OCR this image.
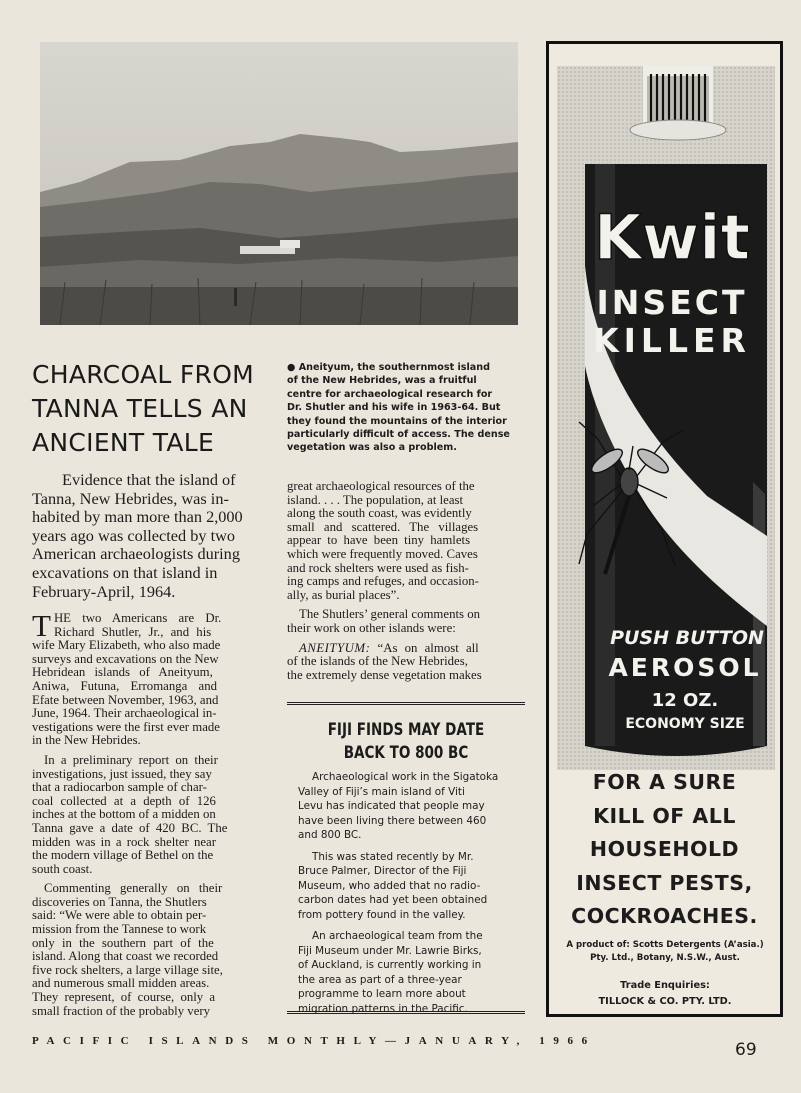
CHARCOAL FROM
TANNA TELLS AN
ANCIENT TALE
● Aneityum, the southernmost island
of the New Hebrides, was a fruitful
centre for archaeological research for
Dr. Shutler and his wife in 1963-64. But
they found the mountains of the interior
particularly difficult of access. The dense
vegetation was also a problem.
Evidence that the island of
Tanna, New Hebrides, was in-
habited by man more than 2,000
years ago was collected by two
American archaeologists during
excavations on that island in
February-April, 1964.
T HE two Americans are Dr.
Richard Shutler, Jr., and his
wife Mary Elizabeth, who also made
surveys and excavations on the New
Hebridean islands of Aneityum,
Aniwa, Futuna, Erromanga and
Efate between November, 1963, and
June, 1964. Their archaeological in-
vestigations were the first ever made
in the New Hebrides.
In a preliminary report on their
investigations, just issued, they say
that a radiocarbon sample of char-
coal collected at a depth of 126
inches at the bottom of a midden on
Tanna gave a date of 420 BC. The
midden was in a rock shelter near
the modern village of Bethel on the
south coast.
Commenting generally on their
discoveries on Tanna, the Shutlers
said: “We were able to obtain per-
mission from the Tannese to work
only in the southern part of the
island. Along that coast we recorded
five rock shelters, a large village site,
and numerous small midden areas.
They represent, of course, only a
small fraction of the probably very
great archaeological resources of the
island. . . . The population, at least
along the south coast, was evidently
small and scattered. The villages
appear to have been tiny hamlets
which were frequently moved. Caves
and rock shelters were used as fish-
ing camps and refuges, and occasion-
ally, as burial places”.
The Shutlers’ general comments on
their work on other islands were:
ANEITYUM: “As on almost all
of the islands of the New Hebrides,
the extremely dense vegetation makes
FIJI FINDS MAY DATE
BACK TO 800 BC
Archaeological work in the Sigatoka
Valley of Fiji’s main island of Viti
Levu has indicated that people may
have been living there between 460
and 800 BC.
This was stated recently by Mr.
Bruce Palmer, Director of the Fiji
Museum, who added that no radio-
carbon dates had yet been obtained
from pottery found in the valley.
An archaeological team from the
Fiji Museum under Mr. Lawrie Birks,
of Auckland, is currently working in
the area as part of a three-year
programme to learn more about
migration patterns in the Pacific.
Kwit
INSECT
KILLER
PUSH BUTTON
AEROSOL
12 OZ.
ECONOMY SIZE
FOR A SURE
KILL OF ALL
HOUSEHOLD
INSECT PESTS,
COCKROACHES.
A product of: Scotts Detergents (A’asia.)
Pty. Ltd., Botany, N.S.W., Aust.
Trade Enquiries:
TILLOCK & CO. PTY. LTD.
PACIFIC ISLANDS MONTHLY—JANUARY, 1966	69
